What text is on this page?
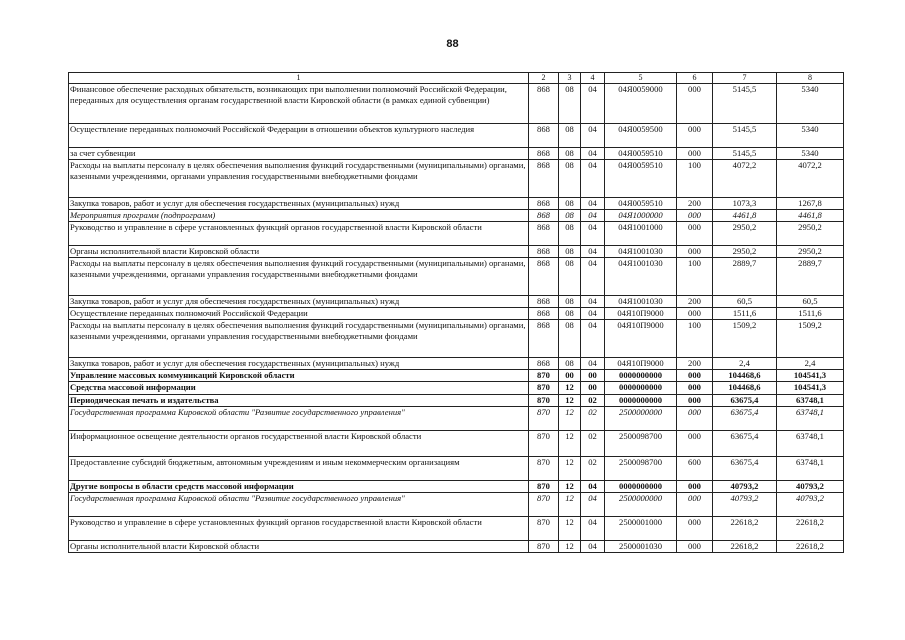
88
1	2	3	4	5	6	7	8
Финансовое обеспечение расходных обязательств, возникающих при выполнении полномочий Российской Федерации, переданных для осуществления органам государственной власти Кировской области (в рамках единой субвенции)	868	08	04	04Я0059000	000	5145,5	5340
Осуществление переданных полномочий Российской Федерации в отношении объектов культурного наследия	868	08	04	04Я0059500	000	5145,5	5340
за счет субвенции	868	08	04	04Я0059510	000	5145,5	5340
Расходы на выплаты персоналу в целях обеспечения выполнения функций государственными (муниципальными) органами, казенными учреждениями, органами управления государственными внебюджетными фондами	868	08	04	04Я0059510	100	4072,2	4072,2
Закупка товаров, работ и услуг для обеспечения государственных (муниципальных) нужд	868	08	04	04Я0059510	200	1073,3	1267,8
Мероприятия программ (подпрограмм)	868	08	04	04Я1000000	000	4461,8	4461,8
Руководство и управление в сфере установленных функций органов государственной власти Кировской области	868	08	04	04Я1001000	000	2950,2	2950,2
Органы исполнительной власти Кировской области	868	08	04	04Я1001030	000	2950,2	2950,2
Расходы на выплаты персоналу в целях обеспечения выполнения функций государственными (муниципальными) органами, казенными учреждениями, органами управления государственными внебюджетными фондами	868	08	04	04Я1001030	100	2889,7	2889,7
Закупка товаров, работ и услуг для обеспечения государственных (муниципальных) нужд	868	08	04	04Я1001030	200	60,5	60,5
Осуществление переданных полномочий Российской Федерации	868	08	04	04Я10П9000	000	1511,6	1511,6
Расходы на выплаты персоналу в целях обеспечения выполнения функций государственными (муниципальными) органами, казенными учреждениями, органами управления государственными внебюджетными фондами	868	08	04	04Я10П9000	100	1509,2	1509,2
Закупка товаров, работ и услуг для обеспечения государственных (муниципальных) нужд	868	08	04	04Я10П9000	200	2,4	2,4
Управление массовых коммуникаций Кировской области	870	00	00	0000000000	000	104468,6	104541,3
Средства массовой информации	870	12	00	0000000000	000	104468,6	104541,3
Периодическая печать и издательства	870	12	02	0000000000	000	63675,4	63748,1
Государственная программа Кировской области "Развитие государственного управления"	870	12	02	2500000000	000	63675,4	63748,1
Информационное освещение деятельности органов государственной власти Кировской области	870	12	02	2500098700	000	63675,4	63748,1
Предоставление субсидий бюджетным, автономным учреждениям и иным некоммерческим организациям	870	12	02	2500098700	600	63675,4	63748,1
Другие вопросы в области средств массовой информации	870	12	04	0000000000	000	40793,2	40793,2
Государственная программа Кировской области "Развитие государственного управления"	870	12	04	2500000000	000	40793,2	40793,2
Руководство и управление в сфере установленных функций органов государственной власти Кировской области	870	12	04	2500001000	000	22618,2	22618,2
Органы исполнительной власти Кировской области	870	12	04	2500001030	000	22618,2	22618,2
